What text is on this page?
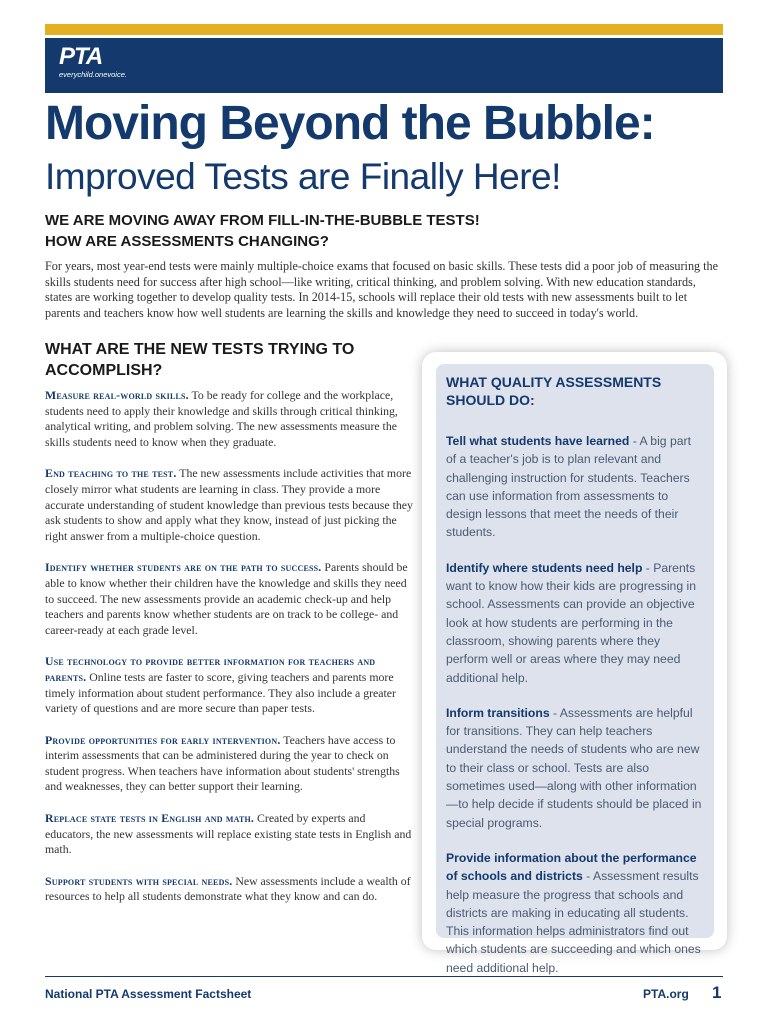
PTA
everychild.onevoice.
Moving Beyond the Bubble:
Improved Tests are Finally Here!
WE ARE MOVING AWAY FROM FILL-IN-THE-BUBBLE TESTS!
HOW ARE ASSESSMENTS CHANGING?
For years, most year-end tests were mainly multiple-choice exams that focused on basic skills. These tests did a poor job of measuring the skills students need for success after high school—like writing, critical thinking, and problem solving. With new education standards, states are working together to develop quality tests. In 2014-15, schools will replace their old tests with new assessments built to let parents and teachers know how well students are learning the skills and knowledge they need to succeed in today's world.
WHAT ARE THE NEW TESTS TRYING TO ACCOMPLISH?

Measure real-world skills. To be ready for college and the workplace, students need to apply their knowledge and skills through critical thinking, analytical writing, and problem solving. The new assessments measure the skills students need to know when they graduate.

End teaching to the test. The new assessments include activities that more closely mirror what students are learning in class. They provide a more accurate understanding of student knowledge than previous tests because they ask students to show and apply what they know, instead of just picking the right answer from a multiple-choice question.

Identify whether students are on the path to success. Parents should be able to know whether their children have the knowledge and skills they need to succeed. The new assessments provide an academic check-up and help teachers and parents know whether students are on track to be college- and career-ready at each grade level.

Use technology to provide better information for teachers and parents. Online tests are faster to score, giving teachers and parents more timely information about student performance. They also include a greater variety of questions and are more secure than paper tests.

Provide opportunities for early intervention. Teachers have access to interim assessments that can be administered during the year to check on student progress. When teachers have information about students' strengths and weaknesses, they can better support their learning.

Replace state tests in English and math. Created by experts and educators, the new assessments will replace existing state tests in English and math.

Support students with special needs. New assessments include a wealth of resources to help all students demonstrate what they know and can do.

WHAT QUALITY ASSESSMENTS SHOULD DO:

Tell what students have learned - A big part of a teacher's job is to plan relevant and challenging instruction for students. Teachers can use information from assessments to design lessons that meet the needs of their students.

Identify where students need help - Parents want to know how their kids are progressing in school. Assessments can provide an objective look at how students are performing in the classroom, showing parents where they perform well or areas where they may need additional help.

Inform transitions - Assessments are helpful for transitions. They can help teachers understand the needs of students who are new to their class or school. Tests are also sometimes used—along with other information—to help decide if students should be placed in special programs.

Provide information about the performance of schools and districts - Assessment results help measure the progress that schools and districts are making in educating all students. This information helps administrators find out which students are succeeding and which ones need additional help.

National PTA Assessment Factsheet	PTA.org 1
